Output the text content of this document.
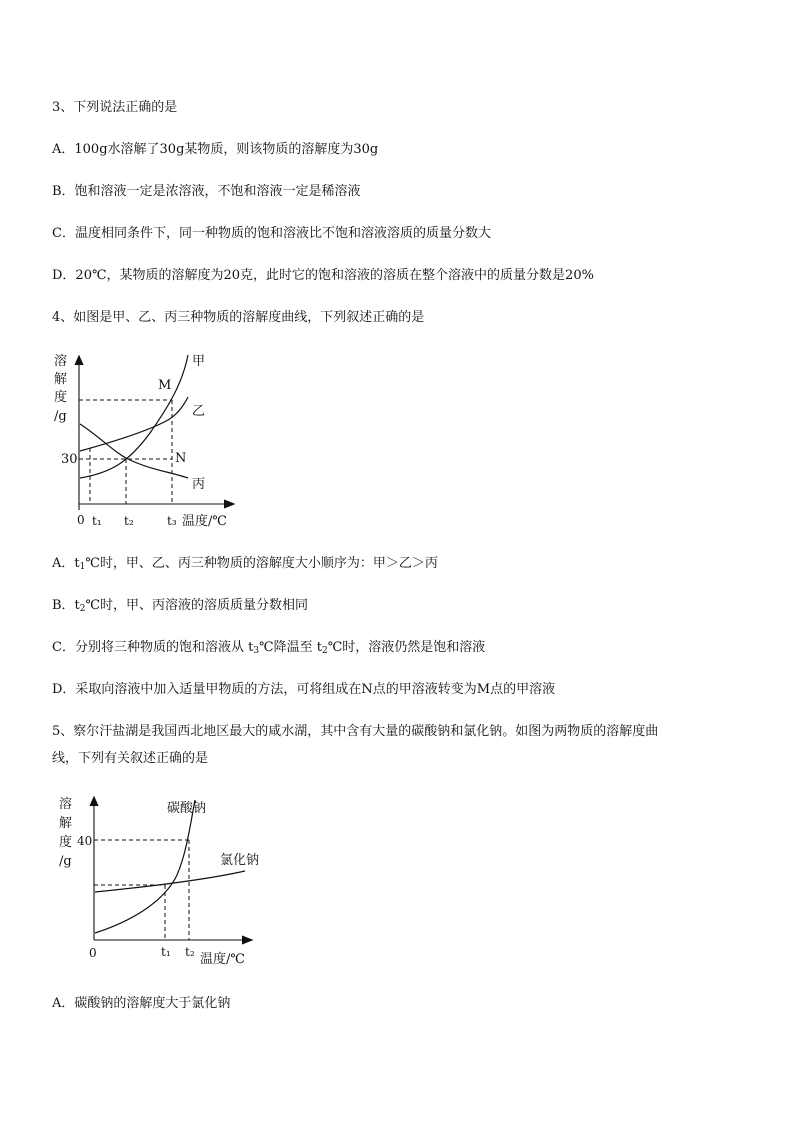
3、下列说法正确的是
A．100g水溶解了30g某物质，则该物质的溶解度为30g
B．饱和溶液一定是浓溶液，不饱和溶液一定是稀溶液
C．温度相同条件下，同一种物质的饱和溶液比不饱和溶液溶质的质量分数大
D．20℃，某物质的溶解度为20克，此时它的饱和溶液的溶质在整个溶液中的质量分数是20%
4、如图是甲、乙、丙三种物质的溶解度曲线，下列叙述正确的是
溶
解
度
/g
30
0 t₁ t₂	t₃ 温度/℃
甲
乙
丙
M
N
A．$t_1℃$时，甲、乙、丙三种物质的溶解度大小顺序为：甲＞乙＞丙
B．$t_2℃$时，甲、丙溶液的溶质质量分数相同
C．分别将三种物质的饱和溶液从 $t_3℃$降温至 $t_2℃$时，溶液仍然是饱和溶液
D．采取向溶液中加入适量甲物质的方法，可将组成在N点的甲溶液转变为M点的甲溶液
5、察尔汗盐湖是我国西北地区最大的咸水湖，其中含有大量的碳酸钠和氯化钠。如图为两物质的溶解度曲
线，下列有关叙述正确的是
溶
解
度
/g
40
0	t₁ t₂ 温度/℃
碳酸钠
氯化钠
A．碳酸钠的溶解度大于氯化钠
